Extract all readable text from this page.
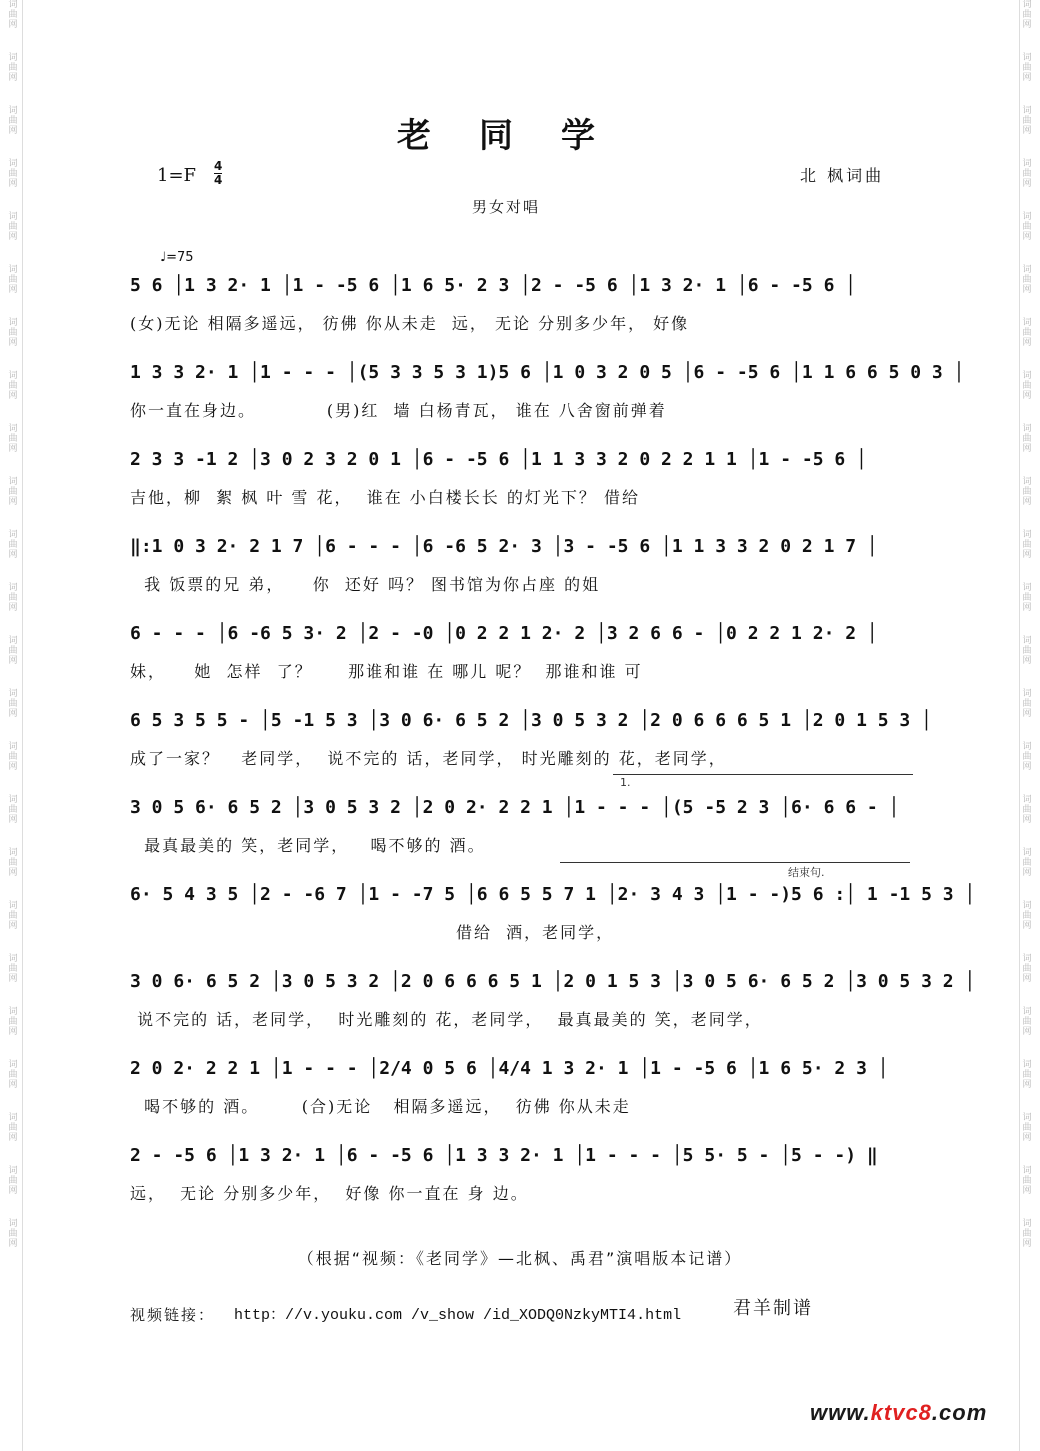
词
曲
网
词
曲
网
词
曲
网
词
曲
网
词
曲
网
词
曲
网
词
曲
网
词
曲
网
词
曲
网
词
曲
网
词
曲
网
词
曲
网
词
曲
网
词
曲
网
词
曲
网
词
曲
网
词
曲
网
词
曲
网
词
曲
网
词
曲
网
词
曲
网
词
曲
网
词
曲
网
词
曲
网
词
曲
网
词
曲
网
词
曲
网
词
曲
网
词
曲
网
词
曲
网
词
曲
网
词
曲
网
词
曲
网
词
曲
网
词
曲
网
词
曲
网
词
曲
网
词
曲
网
词
曲
网
词
曲
网
词
曲
网
词
曲
网
词
曲
网
词
曲
网
词
曲
网
词
曲
网
词
曲
网
词
曲
网
老同学
1=F 4
4	北 枫词曲
男女对唱
♩=75
5 6 │1 3 2· 1 │1 - -5 6 │1 6 5· 2 3 │2 - -5 6 │1 3 2· 1 │6 - -5 6 │
(女)无论 相隔多遥远， 彷佛 你从未走  远， 无论 分别多少年， 好像
1 3 3 2· 1 │1 - - - │(5 3 3 5 3 1)5 6 │1 0 3 2 0 5 │6 - -5 6 │1 1 6 6 5 0 3 │
你一直在身边。          (男)红  墙 白杨青瓦， 谁在 八舍窗前弹着
2 3 3 -1 2 │3 0 2 3 2 0 1 │6 - -5 6 │1 1 3 3 2 0 2 2 1 1 │1 - -5 6 │
吉他，柳  絮 枫 叶 雪 花，  谁在 小白楼长长 的灯光下？ 借给
‖:1 0 3 2· 2 1 7 │6 - - - │6 -6 5 2· 3 │3 - -5 6 │1 1 3 3 2 0 2 1 7 │
我 饭票的兄 弟，    你  还好 吗？ 图书馆为你占座 的姐
6 - - - │6 -6 5 3· 2 │2 - -0 │0 2 2 1 2· 2 │3 2 6 6 - │0 2 2 1 2· 2 │
妹，    她  怎样  了？     那谁和谁 在 哪儿 呢？  那谁和谁 可
6 5 3 5 5 - │5 -1 5 3 │3 0 6· 6 5 2 │3 0 5 3 2 │2 0 6 6 6 5 1 │2 0 1 5 3 │
成了一家？   老同学，  说不完的 话，老同学， 时光雕刻的 花，老同学，
3 0 5 6· 6 5 2 │3 0 5 3 2 │2 0 2· 2 2 1 │1 - - - │(5 -5 2 3 │6· 6 6 - │
最真最美的 笑，老同学，   喝不够的 酒。
6· 5 4 3 5 │2 - -6 7 │1 - -7 5 │6 6 5 5 7 1 │2· 3 4 3 │1 - -)5 6 :│ 1 -1 5 3 │
借给  酒，老同学，
3 0 6· 6 5 2 │3 0 5 3 2 │2 0 6 6 6 5 1 │2 0 1 5 3 │3 0 5 6· 6 5 2 │3 0 5 3 2 │
说不完的 话，老同学，  时光雕刻的 花，老同学，  最真最美的 笑，老同学，
2 0 2· 2 2 1 │1 - - - │2/4 0 5 6 │4/4 1 3 2· 1 │1 - -5 6 │1 6 5· 2 3 │
喝不够的 酒。      (合)无论   相隔多遥远，  彷佛 你从未走
2 - -5 6 │1 3 2· 1 │6 - -5 6 │1 3 3 2· 1 │1 - - - │5 5· 5 - │5 - -) ‖
远，  无论 分别多少年，  好像 你一直在 身 边。
1.
结束句.
（根据“视频：《老同学》—北枫、禹君”演唱版本记谱）
视频链接： http：//v.youku.com /v_show /id_XODQ0NzkyMTI4.html	君羊制谱
www.ktvc8.com
